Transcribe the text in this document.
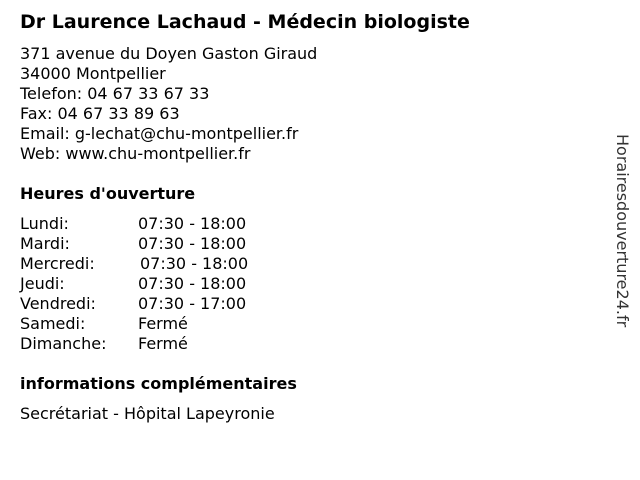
Dr Laurence Lachaud - Médecin biologiste
371 avenue du Doyen Gaston Giraud
34000 Montpellier
Telefon: 04 67 33 67 33
Fax: 04 67 33 89 63
Email: g-lechat@chu-montpellier.fr
Web: www.chu-montpellier.fr
Heures d'ouverture
Lundi:	07:30 - 18:00
Mardi:	07:30 - 18:00
Mercredi:	07:30 - 18:00
Jeudi:	07:30 - 18:00
Vendredi:	07:30 - 17:00
Samedi:	Fermé
Dimanche: Fermé
informations complémentaires
Secrétariat - Hôpital Lapeyronie
Horairesdouverture24.fr
